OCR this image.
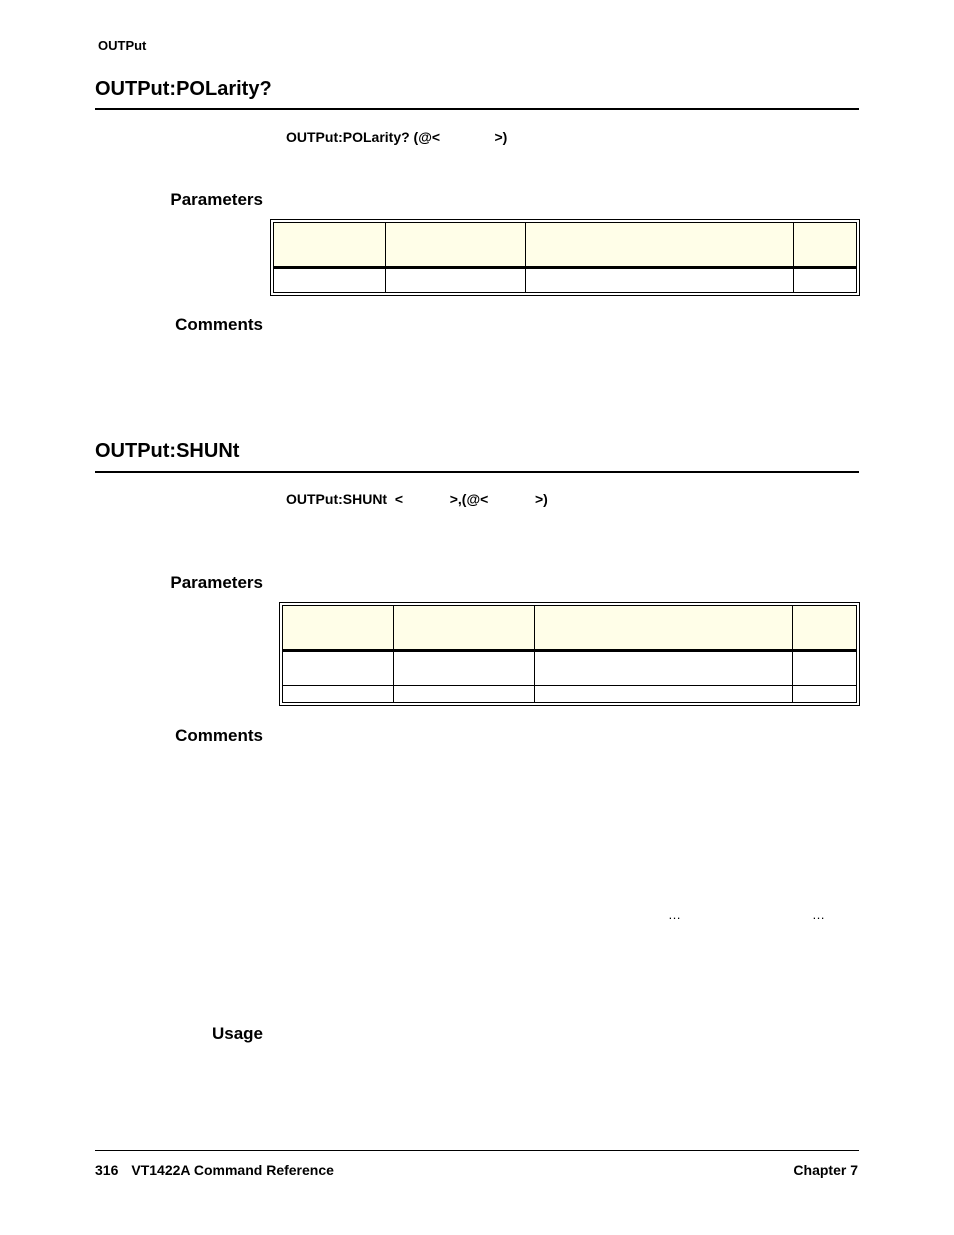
OUTPut
OUTPut:POLarity?
OUTPut:POLarity? (@<              >)
Parameters

Comments
OUTPut:SHUNt
OUTPut:SHUNt  <            >,(@<            >)
Parameters

Comments
…	…
Usage
316 VT1422A Command Reference	Chapter 7
